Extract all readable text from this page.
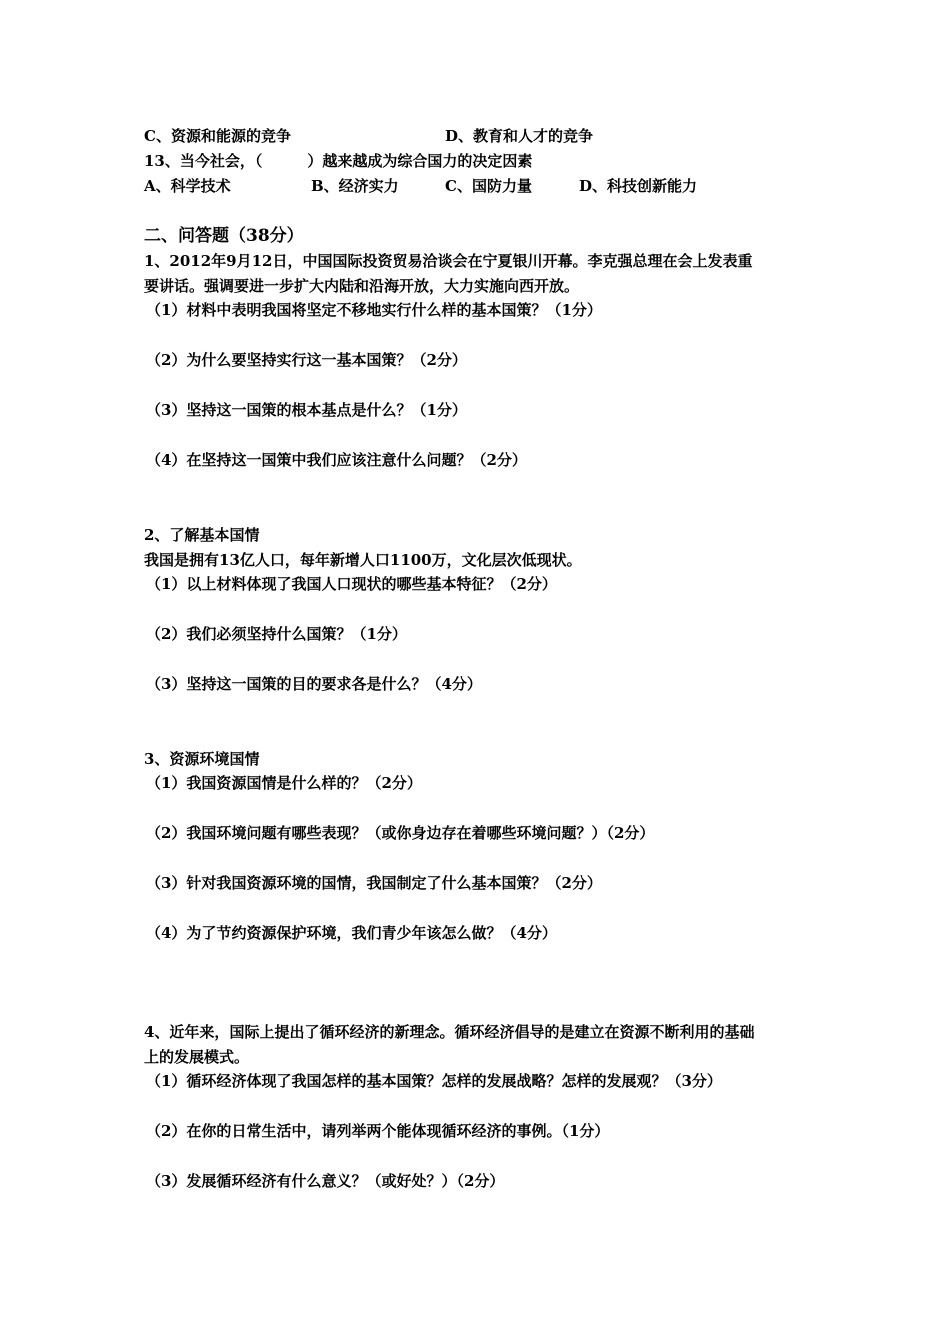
C、资源和能源的竞争	D、教育和人才的竞争
13、当今社会，（　　　）越来越成为综合国力的决定因素
A、科学技术	B、经济实力	C、国防力量	D、科技创新能力
二、问答题（38分）
1、2012年9月12日，中国国际投资贸易洽谈会在宁夏银川开幕。李克强总理在会上发表重
要讲话。强调要进一步扩大内陆和沿海开放，大力实施向西开放。
（1）材料中表明我国将坚定不移地实行什么样的基本国策？（1分）
（2）为什么要坚持实行这一基本国策？（2分）
（3）坚持这一国策的根本基点是什么？（1分）
（4）在坚持这一国策中我们应该注意什么问题？（2分）
2、了解基本国情
我国是拥有13亿人口，每年新增人口1100万，文化层次低现状。
（1）以上材料体现了我国人口现状的哪些基本特征？（2分）
（2）我们必须坚持什么国策？（1分）
（3）坚持这一国策的目的要求各是什么？（4分）
3、资源环境国情
（1）我国资源国情是什么样的？（2分）
（2）我国环境问题有哪些表现？（或你身边存在着哪些环境问题？）（2分）
（3）针对我国资源环境的国情，我国制定了什么基本国策？（2分）
（4）为了节约资源保护环境，我们青少年该怎么做？（4分）
4、近年来，国际上提出了循环经济的新理念。循环经济倡导的是建立在资源不断利用的基础
上的发展模式。
（1）循环经济体现了我国怎样的基本国策？怎样的发展战略？怎样的发展观？（3分）
（2）在你的日常生活中，请列举两个能体现循环经济的事例。（1分）
（3）发展循环经济有什么意义？（或好处？）（2分）
